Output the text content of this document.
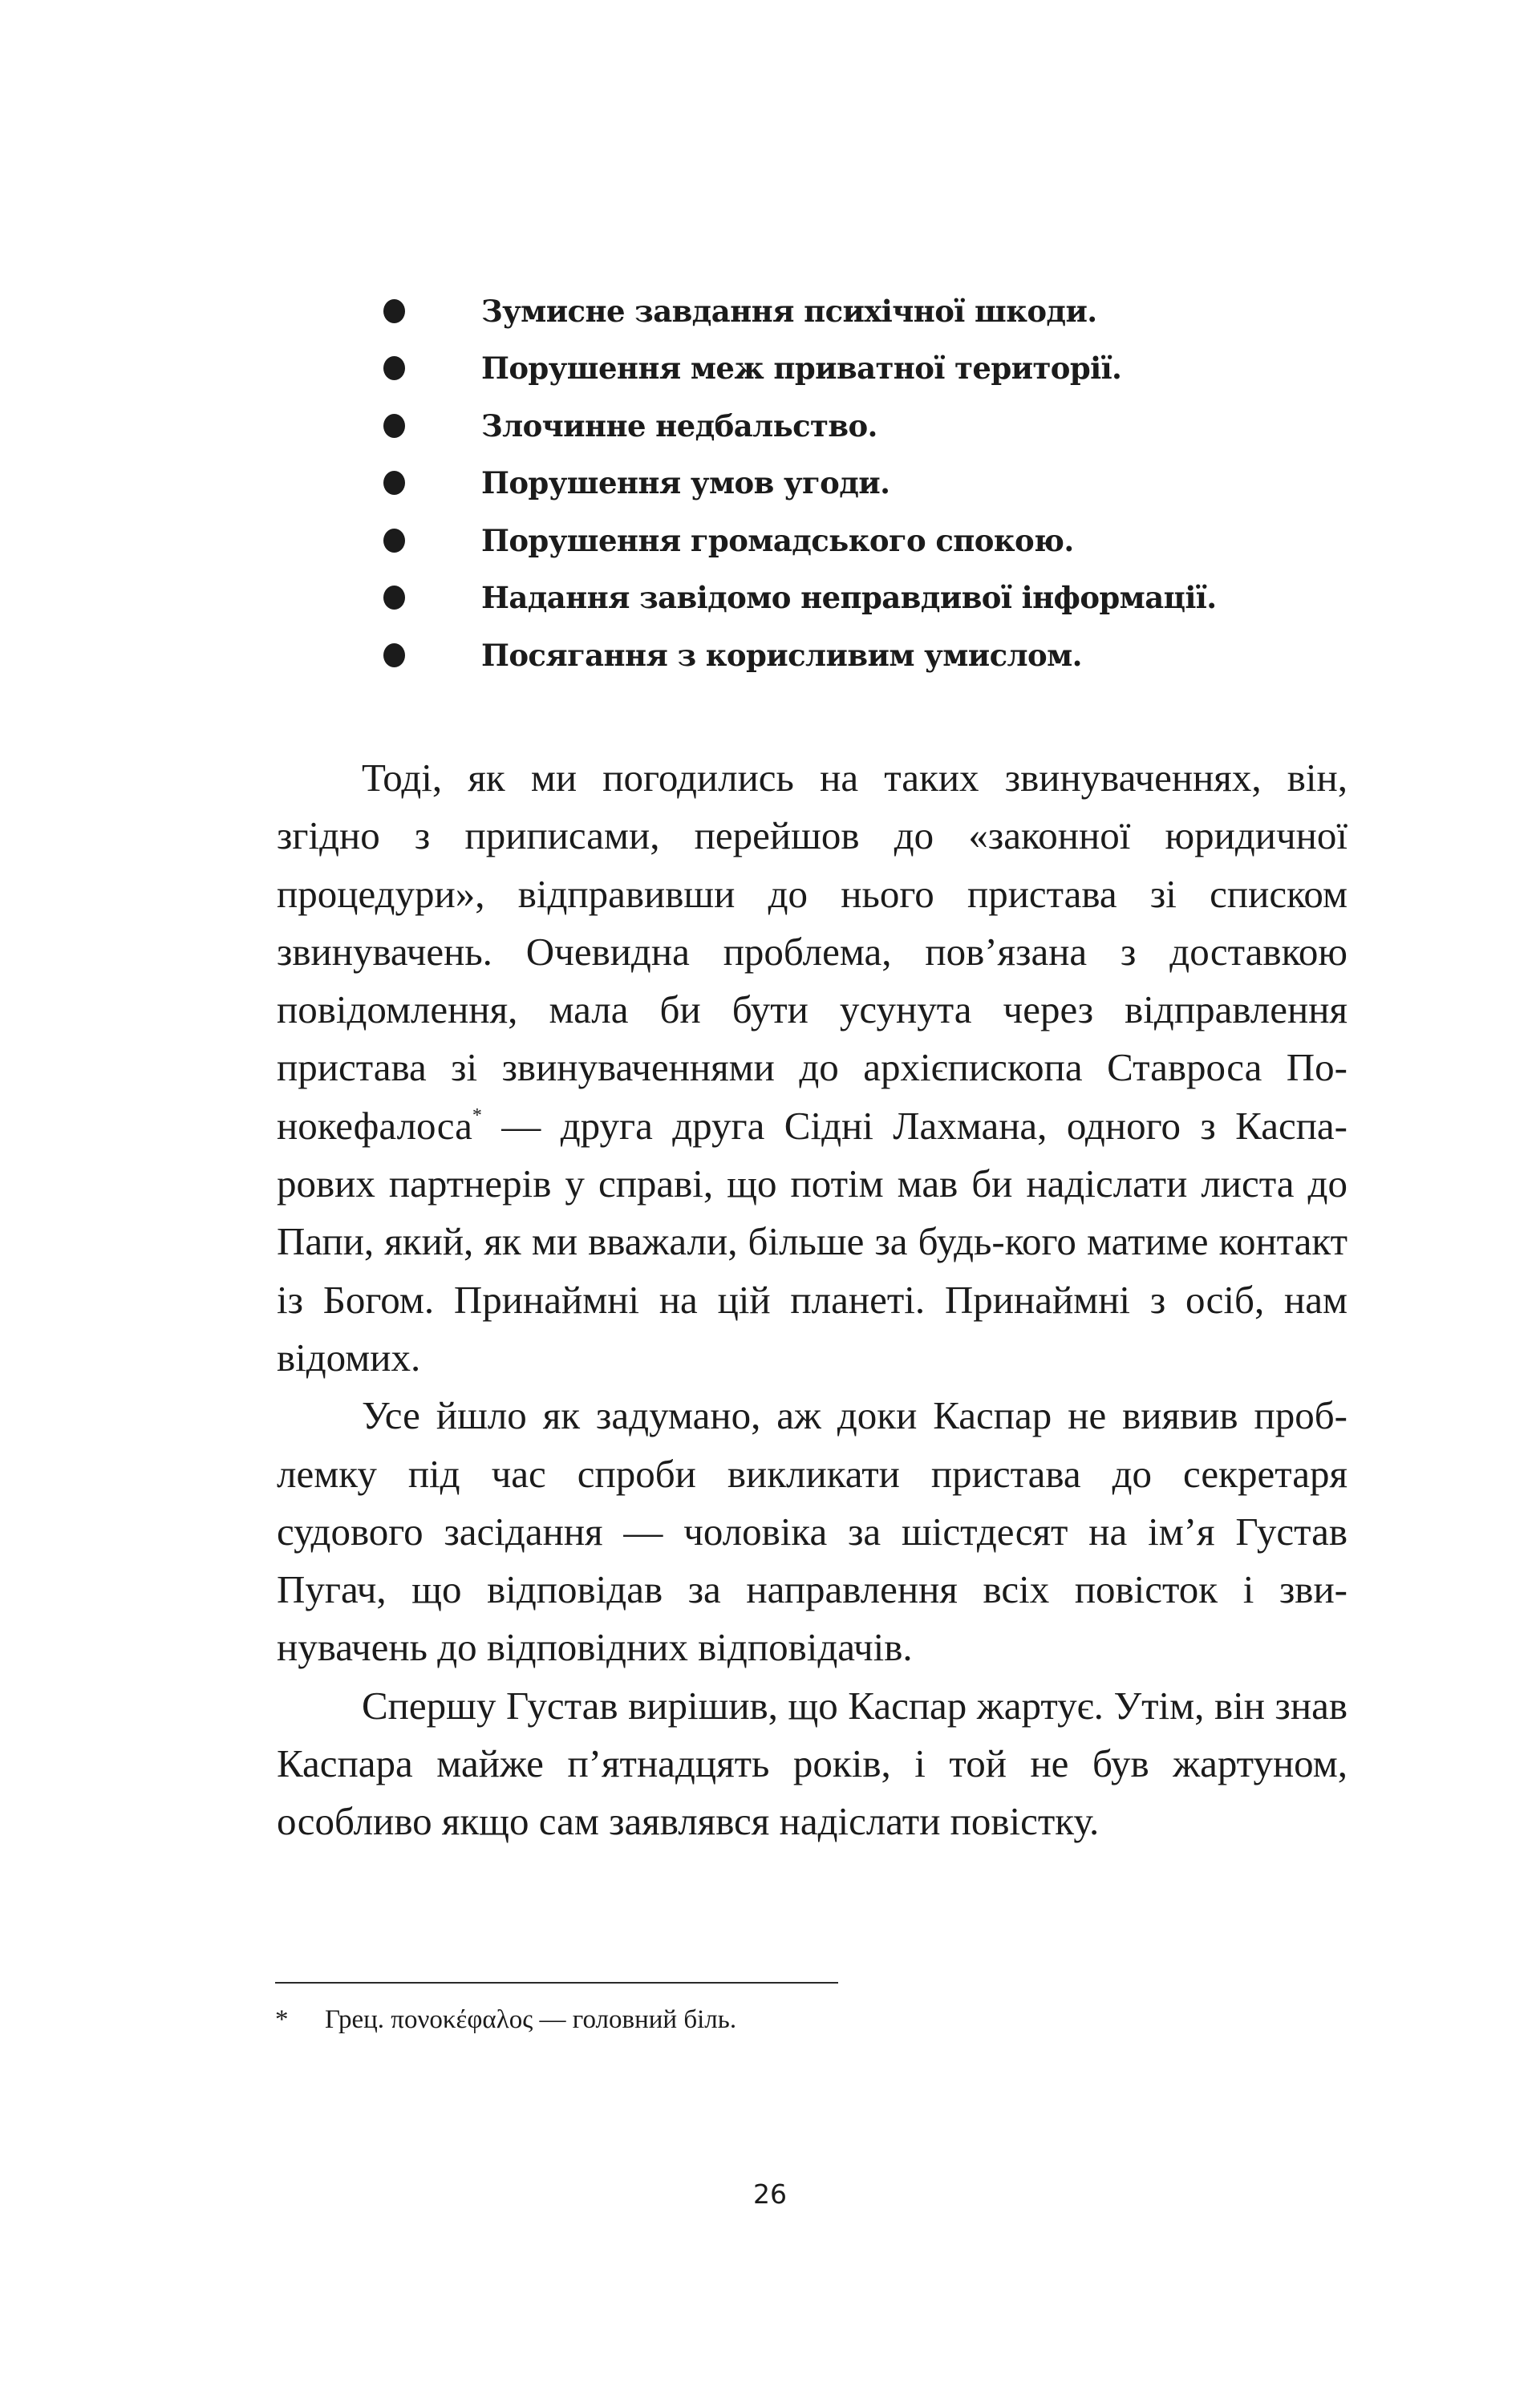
Зумисне завдання психічної шкоди.
Порушення меж приватної території.
Злочинне недбальство.
Порушення умов угоди.
Порушення громадського спокою.
Надання завідомо неправдивої інформації.
Посягання з корисливим умислом.

Тоді, як ми погодились на таких звинуваченнях, він, згідно з приписами, перейшов до «законної юридичної процедури», відправивши до нього пристава зі списком звинувачень. Очевидна проблема, пов’язана з доставкою повідомлення, мала би бути усунута через відправлення пристава зі звинуваченнями до архієпископа Ставроса Понокефалоса* — друга друга Сідні Лахмана, одного з Каспарових партнерів у справі, що потім мав би надіслати листа до Папи, який, як ми вважали, більше за будь-кого матиме контакт із Богом. Принаймні на цій планеті. Принаймні з осіб, нам відомих.

Усе йшло як задумано, аж доки Каспар не виявив проблемку під час спроби викликати пристава до секретаря судового засідання — чоловіка за шістдесят на ім’я Густав Пугач, що відповідав за направлення всіх повісток і звинувачень до відповідних відповідачів.

Спершу Густав вирішив, що Каспар жартує. Утім, він знав Каспара майже п’ятнадцять років, і той не був жартуном, особливо якщо сам заявлявся надіслати повістку.

* Грец. πονοκέφαλος — головний біль.
26
